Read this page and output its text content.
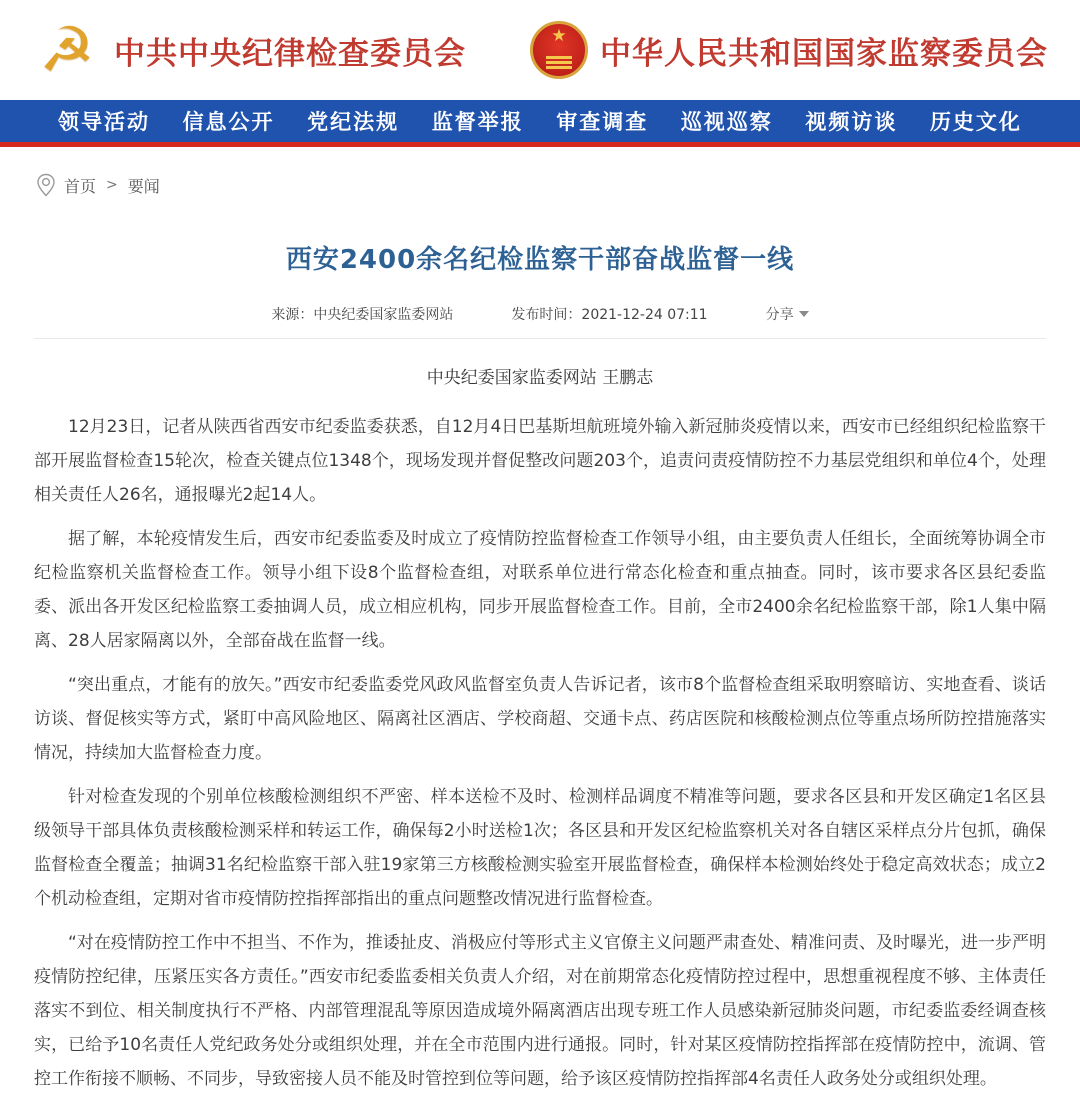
☭ 中共中央纪律检查委员会	★ 中华人民共和国国家监察委员会
领导活动 信息公开 党纪法规 监督举报 审查调查 巡视巡察 视频访谈 历史文化
首页 > 要闻
西安2400余名纪检监察干部奋战监督一线
来源：中央纪委国家监委网站	发布时间：2021-12-24 07:11	分享
中央纪委国家监委网站 王鹏志

12月23日，记者从陕西省西安市纪委监委获悉，自12月4日巴基斯坦航班境外输入新冠肺炎疫情以来，西安市已经组织纪检监察干部开展监督检查15轮次，检查关键点位1348个，现场发现并督促整改问题203个，追责问责疫情防控不力基层党组织和单位4个，处理相关责任人26名，通报曝光2起14人。

据了解，本轮疫情发生后，西安市纪委监委及时成立了疫情防控监督检查工作领导小组，由主要负责人任组长，全面统筹协调全市纪检监察机关监督检查工作。领导小组下设8个监督检查组，对联系单位进行常态化检查和重点抽查。同时，该市要求各区县纪委监委、派出各开发区纪检监察工委抽调人员，成立相应机构，同步开展监督检查工作。目前，全市2400余名纪检监察干部，除1人集中隔离、28人居家隔离以外，全部奋战在监督一线。

“突出重点，才能有的放矢。”西安市纪委监委党风政风监督室负责人告诉记者，该市8个监督检查组采取明察暗访、实地查看、谈话访谈、督促核实等方式，紧盯中高风险地区、隔离社区酒店、学校商超、交通卡点、药店医院和核酸检测点位等重点场所防控措施落实情况，持续加大监督检查力度。

针对检查发现的个别单位核酸检测组织不严密、样本送检不及时、检测样品调度不精准等问题，要求各区县和开发区确定1名区县级领导干部具体负责核酸检测采样和转运工作，确保每2小时送检1次；各区县和开发区纪检监察机关对各自辖区采样点分片包抓，确保监督检查全覆盖；抽调31名纪检监察干部入驻19家第三方核酸检测实验室开展监督检查，确保样本检测始终处于稳定高效状态；成立2个机动检查组，定期对省市疫情防控指挥部指出的重点问题整改情况进行监督检查。

“对在疫情防控工作中不担当、不作为，推诿扯皮、消极应付等形式主义官僚主义问题严肃查处、精准问责、及时曝光，进一步严明疫情防控纪律，压紧压实各方责任。”西安市纪委监委相关负责人介绍，对在前期常态化疫情防控过程中，思想重视程度不够、主体责任落实不到位、相关制度执行不严格、内部管理混乱等原因造成境外隔离酒店出现专班工作人员感染新冠肺炎问题，市纪委监委经调查核实，已给予10名责任人党纪政务处分或组织处理，并在全市范围内进行通报。同时，针对某区疫情防控指挥部在疫情防控中，流调、管控工作衔接不顺畅、不同步，导致密接人员不能及时管控到位等问题，给予该区疫情防控指挥部4名责任人政务处分或组织处理。
